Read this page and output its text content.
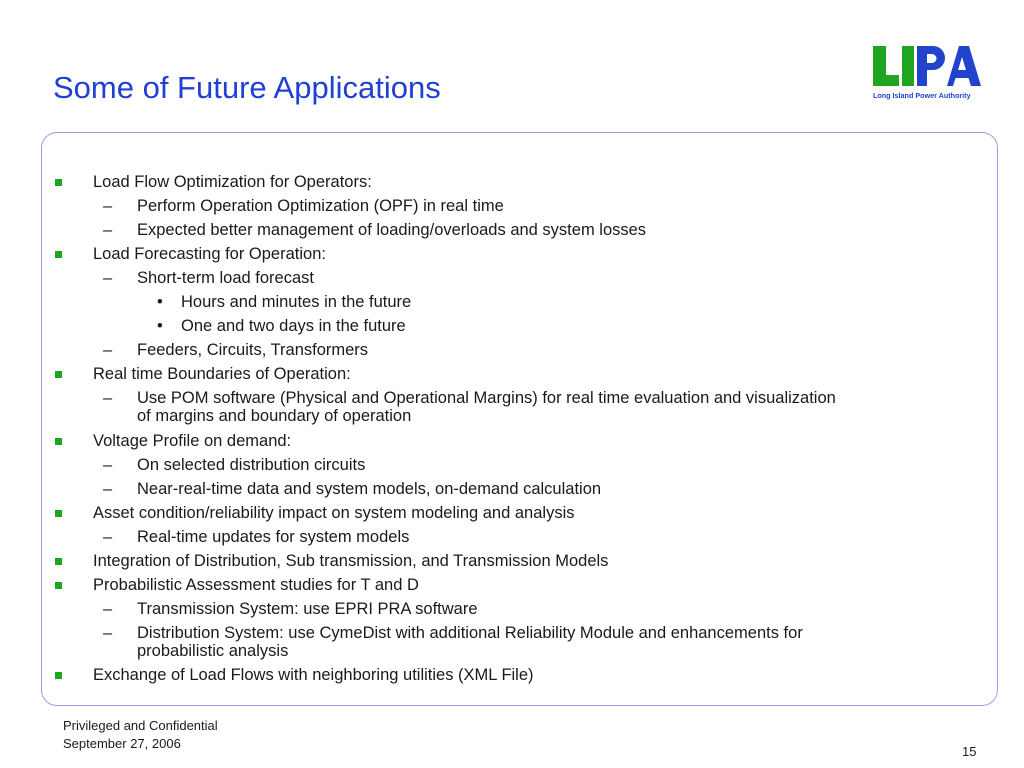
Some of Future Applications	Long Island Power Authority
Load Flow Optimization for Operators:
– Perform Operation Optimization (OPF) in real time
– Expected better management of loading/overloads and system losses
Load Forecasting for Operation:
– Short-term load forecast
• Hours and minutes in the future
• One and two days in the future
– Feeders, Circuits, Transformers
Real time Boundaries of Operation:
– Use POM software (Physical and Operational Margins) for real time evaluation and visualization
of margins and boundary of operation
Voltage Profile on demand:
– On selected distribution circuits
– Near-real-time data and system models, on-demand calculation
Asset condition/reliability impact on system modeling and analysis
– Real-time updates for system models
Integration of Distribution, Sub transmission, and Transmission Models
Probabilistic Assessment studies for T and D
– Transmission System: use EPRI PRA software
– Distribution System: use CymeDist with additional Reliability Module and enhancements for
probabilistic analysis
Exchange of Load Flows with neighboring utilities (XML File)
Privileged and Confidential
September 27, 2006
15
